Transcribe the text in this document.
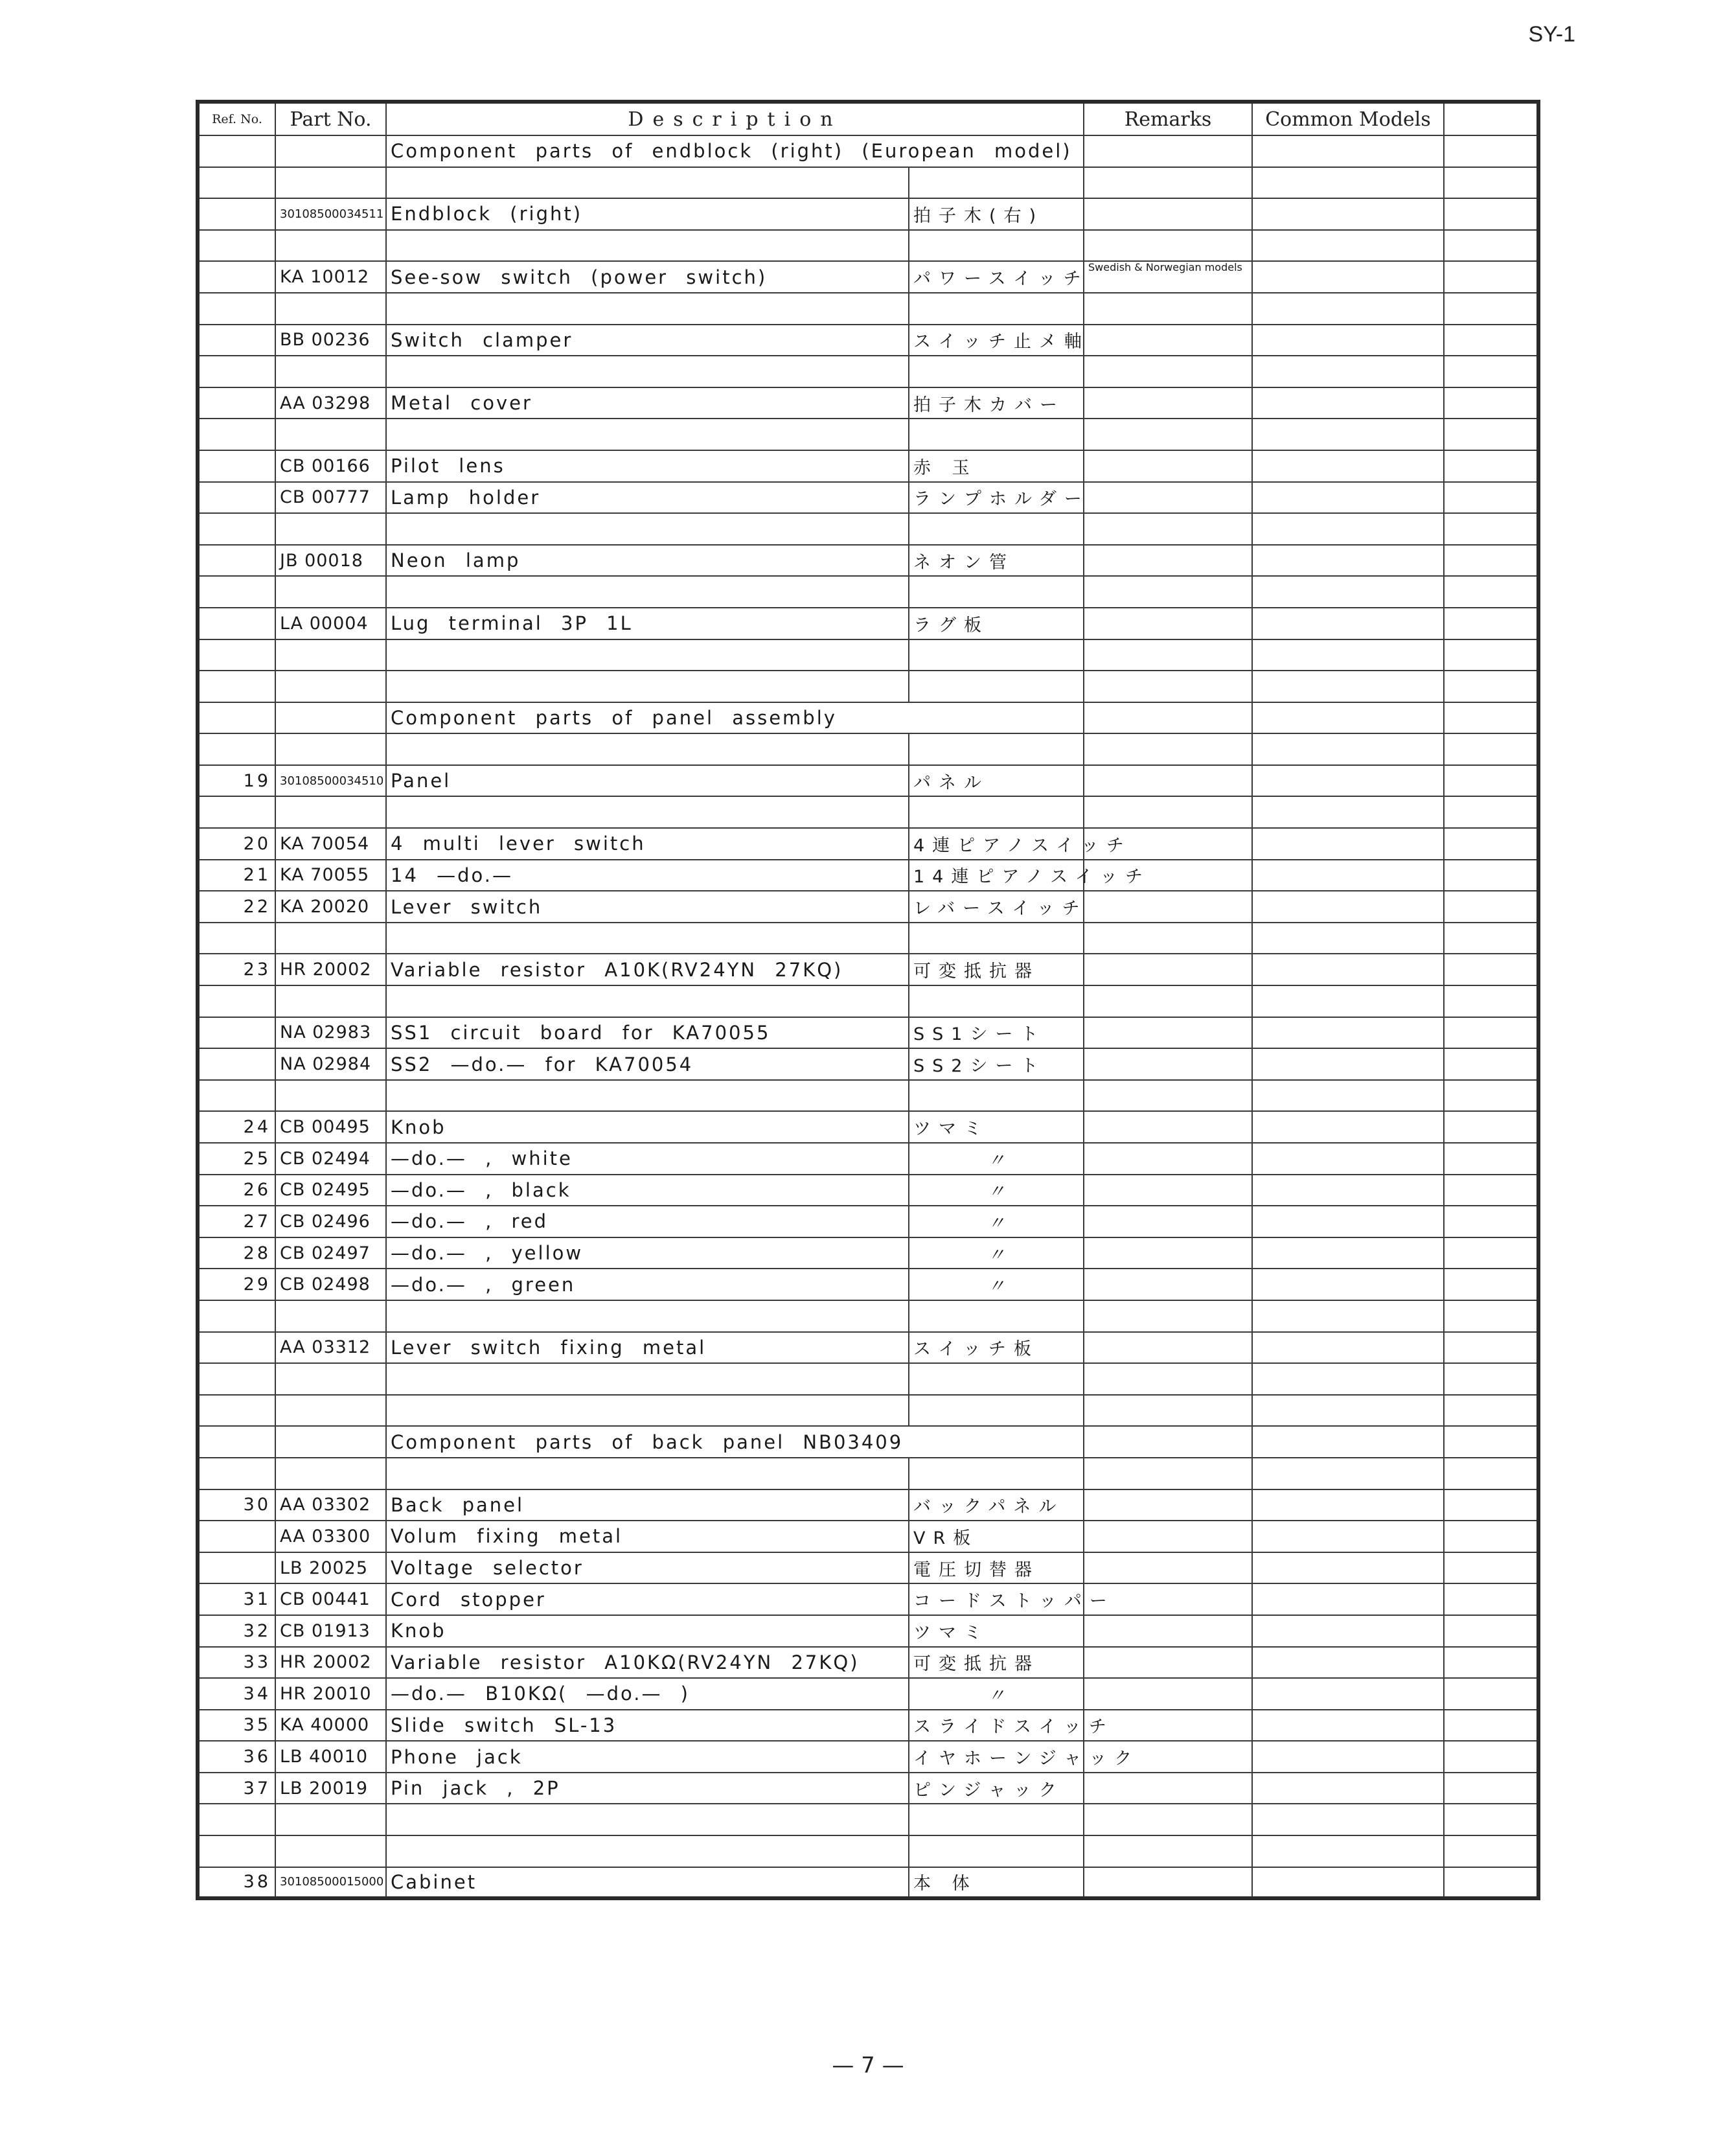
SY-1
Ref. No.	Part No.	Description		Remarks	Common Models	
		Component parts of endblock (right) (European model)				

	30108500034511	Endblock (right)	拍子木(右)			

	KA 10012	See-sow switch (power switch)	パワースイッチ	Swedish & Norwegian models		

	BB 00236	Switch clamper	スイッチ止メ軸			

	AA 03298	Metal cover	拍子木カバー			

	CB 00166	Pilot lens	赤 玉			
	CB 00777	Lamp holder	ランプホルダー			

	JB 00018	Neon lamp	ネオン管			

	LA 00004	Lug terminal 3P 1L	ラグ板			

		Component parts of panel assembly				

19	30108500034510	Panel	パネル			

20	KA 70054	4 multi lever switch	4連ピアノスイッチ			
21	KA 70055	14 —do.—	14連ピアノスイッチ			
22	KA 20020	Lever switch	レバースイッチ			

23	HR 20002	Variable resistor A10K(RV24YN 27KQ)	可変抵抗器			

	NA 02983	SS1 circuit board for KA70055	SS1シート			
	NA 02984	SS2 —do.— for KA70054	SS2シート			

24	CB 00495	Knob	ツマミ			
25	CB 02494	—do.— , white	〃			
26	CB 02495	—do.— , black	〃			
27	CB 02496	—do.— , red	〃			
28	CB 02497	—do.— , yellow	〃			
29	CB 02498	—do.— , green	〃			

	AA 03312	Lever switch fixing metal	スイッチ板			

		Component parts of back panel NB03409				

30	AA 03302	Back panel	バックパネル			
	AA 03300	Volum fixing metal	VR板			
	LB 20025	Voltage selector	電圧切替器			
31	CB 00441	Cord stopper	コードストッパー			
32	CB 01913	Knob	ツマミ			
33	HR 20002	Variable resistor A10KΩ(RV24YN 27KQ)	可変抵抗器			
34	HR 20010	—do.— B10KΩ( —do.— )	〃			
35	KA 40000	Slide switch SL-13	スライドスイッチ			
36	LB 40010	Phone jack	イヤホーンジャック			
37	LB 20019	Pin jack , 2P	ピンジャック			

38	30108500015000	Cabinet	本 体			
— 7 —
